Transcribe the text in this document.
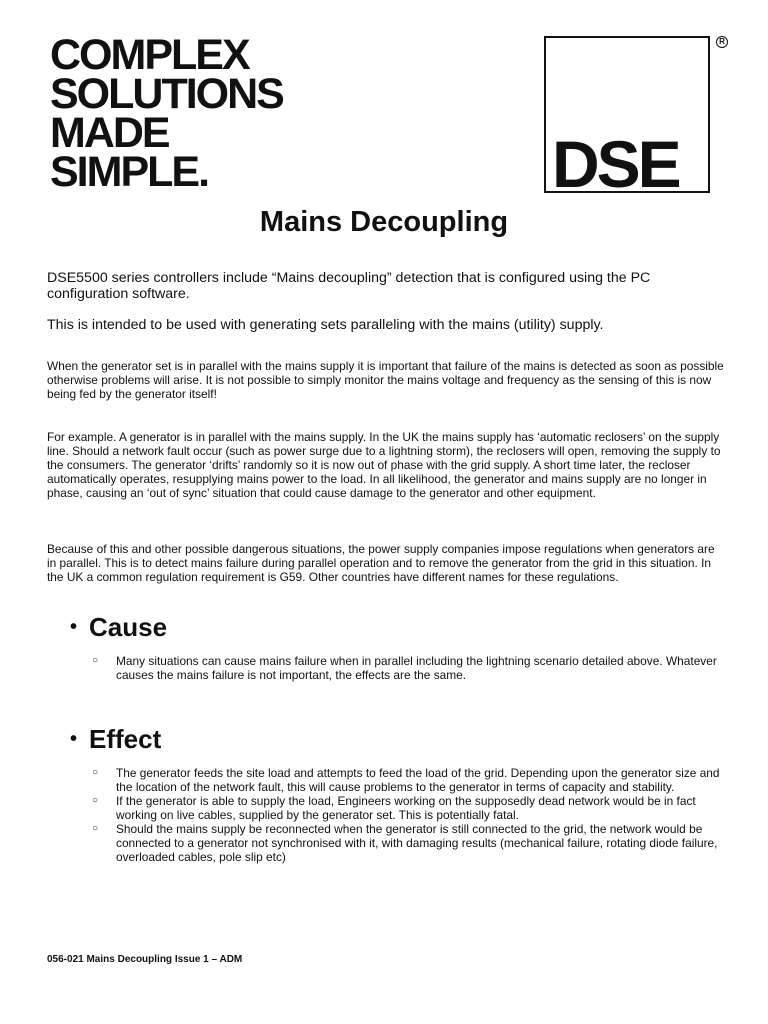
COMPLEX
SOLUTIONS
MADE
SIMPLE.	DSE
R
Mains Decoupling

DSE5500 series controllers include “Mains decoupling” detection that is configured using the PC configuration software.

This is intended to be used with generating sets paralleling with the mains (utility) supply.

When the generator set is in parallel with the mains supply it is important that failure of the mains is detected as soon as possible otherwise problems will arise. It is not possible to simply monitor the mains voltage and frequency as the sensing of this is now being fed by the generator itself!

For example. A generator is in parallel with the mains supply. In the UK the mains supply has ‘automatic reclosers’ on the supply line. Should a network fault occur (such as power surge due to a lightning storm), the reclosers will open, removing the supply to the consumers. The generator ‘drifts’ randomly so it is now out of phase with the grid supply. A short time later, the recloser automatically operates, resupplying mains power to the load. In all likelihood, the generator and mains supply are no longer in phase, causing an ‘out of sync’ situation that could cause damage to the generator and other equipment.

Because of this and other possible dangerous situations, the power supply companies impose regulations when generators are in parallel. This is to detect mains failure during parallel operation and to remove the generator from the grid in this situation. In the UK a common regulation requirement is G59. Other countries have different names for these regulations.

• Cause
○ Many situations can cause mains failure when in parallel including the lightning scenario detailed above. Whatever causes the mains failure is not important, the effects are the same.
• Effect
○ The generator feeds the site load and attempts to feed the load of the grid. Depending upon the generator size and the location of the network fault, this will cause problems to the generator in terms of capacity and stability.
○ If the generator is able to supply the load, Engineers working on the supposedly dead network would be in fact working on live cables, supplied by the generator set. This is potentially fatal.
○ Should the mains supply be reconnected when the generator is still connected to the grid, the network would be connected to a generator not synchronised with it, with damaging results (mechanical failure, rotating diode failure, overloaded cables, pole slip etc)

056-021 Mains Decoupling Issue 1 – ADM
